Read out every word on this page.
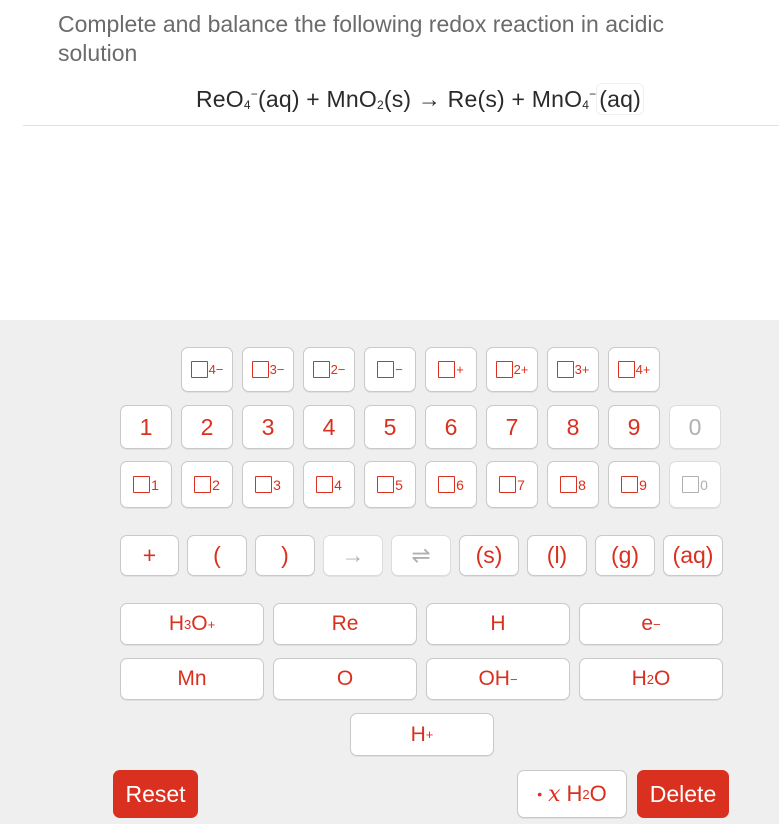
Complete and balance the following redox reaction in acidic solution
ReO$_4$−(aq) + MnO$_2$(s) → Re(s) + MnO$_4$− (aq)
4−	3−	2−	−	+	2+	3+	4+
1	2	3	4	5	6	7	8	9	0
1	2	3	4	5	6	7	8	9	0
+	(	)	→	⇌	(s)	(l)	(g)	(aq)
H 3 O +	Re	H	e −
Mn	O	OH −	H 2 O
H +
Reset	• x H 2 O	Delete
